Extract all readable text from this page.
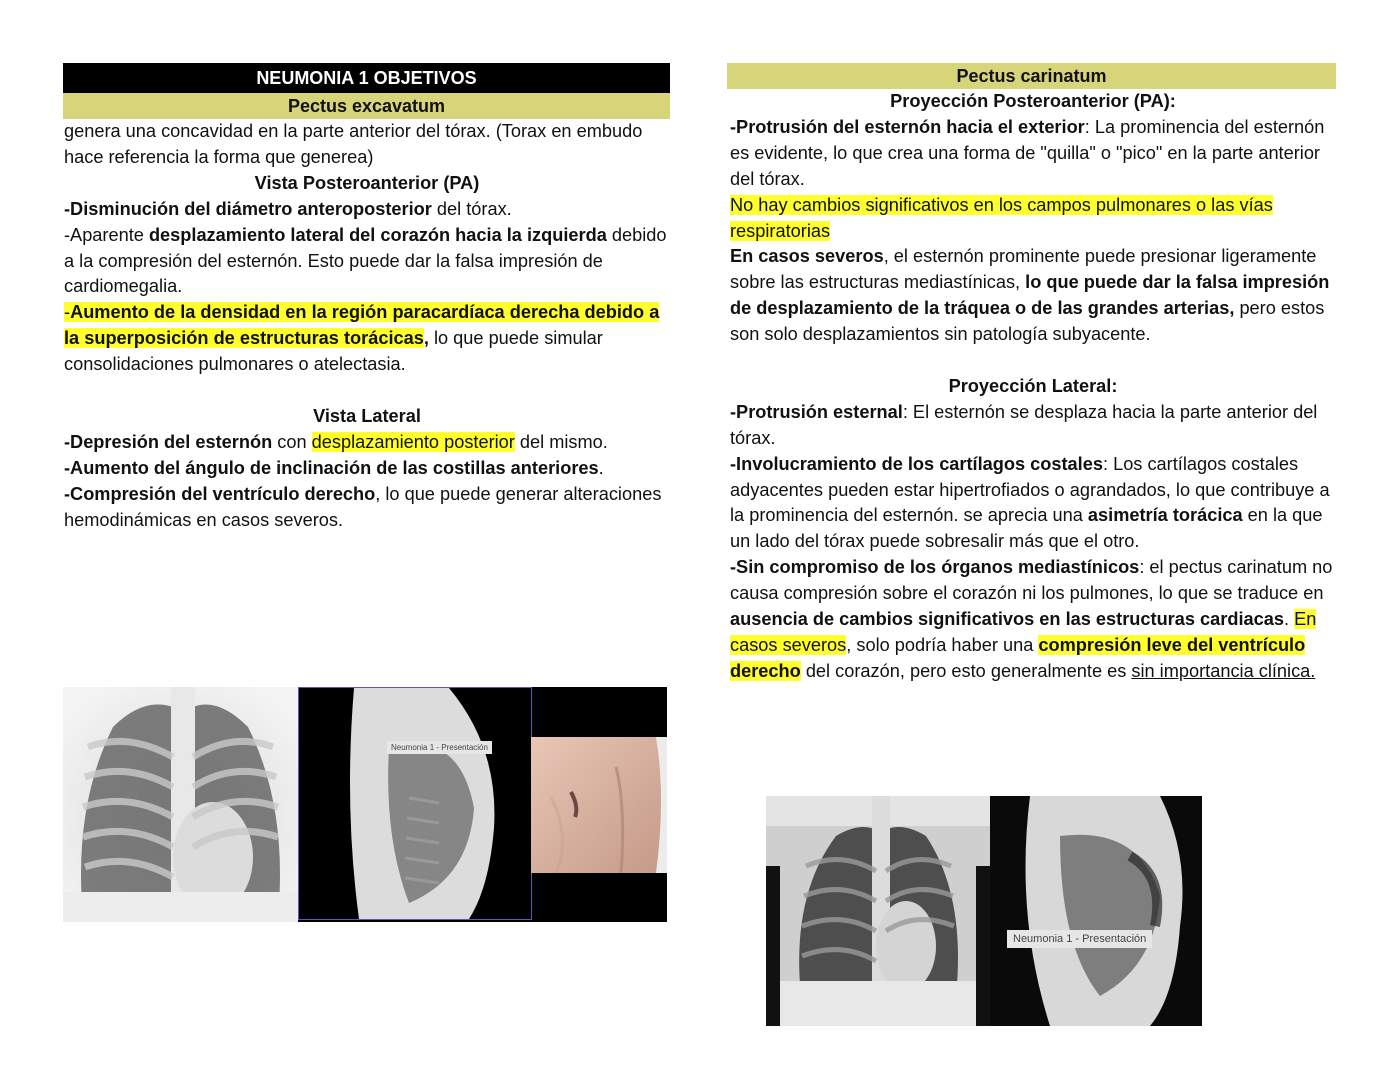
NEUMONIA 1 OBJETIVOS
Pectus excavatum
genera una concavidad en la parte anterior del tórax. (Torax en embudo hace referencia la forma que generea)
Vista Posteroanterior (PA)
-Disminución del diámetro anteroposterior del tórax.
-Aparente desplazamiento lateral del corazón hacia la izquierda debido a la compresión del esternón. Esto puede dar la falsa impresión de cardiomegalia.
-Aumento de la densidad en la región paracardíaca derecha debido a la superposición de estructuras torácicas, lo que puede simular consolidaciones pulmonares o atelectasia.
Vista Lateral
-Depresión del esternón con desplazamiento posterior del mismo.
-Aumento del ángulo de inclinación de las costillas anteriores.
-Compresión del ventrículo derecho, lo que puede generar alteraciones hemodinámicas en casos severos.
Neumonia 1 - Presentación
Pectus carinatum
Proyección Posteroanterior (PA):
-Protrusión del esternón hacia el exterior: La prominencia del esternón es evidente, lo que crea una forma de "quilla" o "pico" en la parte anterior del tórax.
No hay cambios significativos en los campos pulmonares o las vías respiratorias
En casos severos, el esternón prominente puede presionar ligeramente sobre las estructuras mediastínicas, lo que puede dar la falsa impresión de desplazamiento de la tráquea o de las grandes arterias, pero estos son solo desplazamientos sin patología subyacente.
Proyección Lateral:
-Protrusión esternal: El esternón se desplaza hacia la parte anterior del tórax.
-Involucramiento de los cartílagos costales: Los cartílagos costales adyacentes pueden estar hipertrofiados o agrandados, lo que contribuye a la prominencia del esternón. se aprecia una asimetría torácica en la que un lado del tórax puede sobresalir más que el otro.
-Sin compromiso de los órganos mediastínicos: el pectus carinatum no causa compresión sobre el corazón ni los pulmones, lo que se traduce en ausencia de cambios significativos en las estructuras cardiacas. En casos severos, solo podría haber una compresión leve del ventrículo derecho del corazón, pero esto generalmente es sin importancia clínica.
Neumonia 1 - Presentación
